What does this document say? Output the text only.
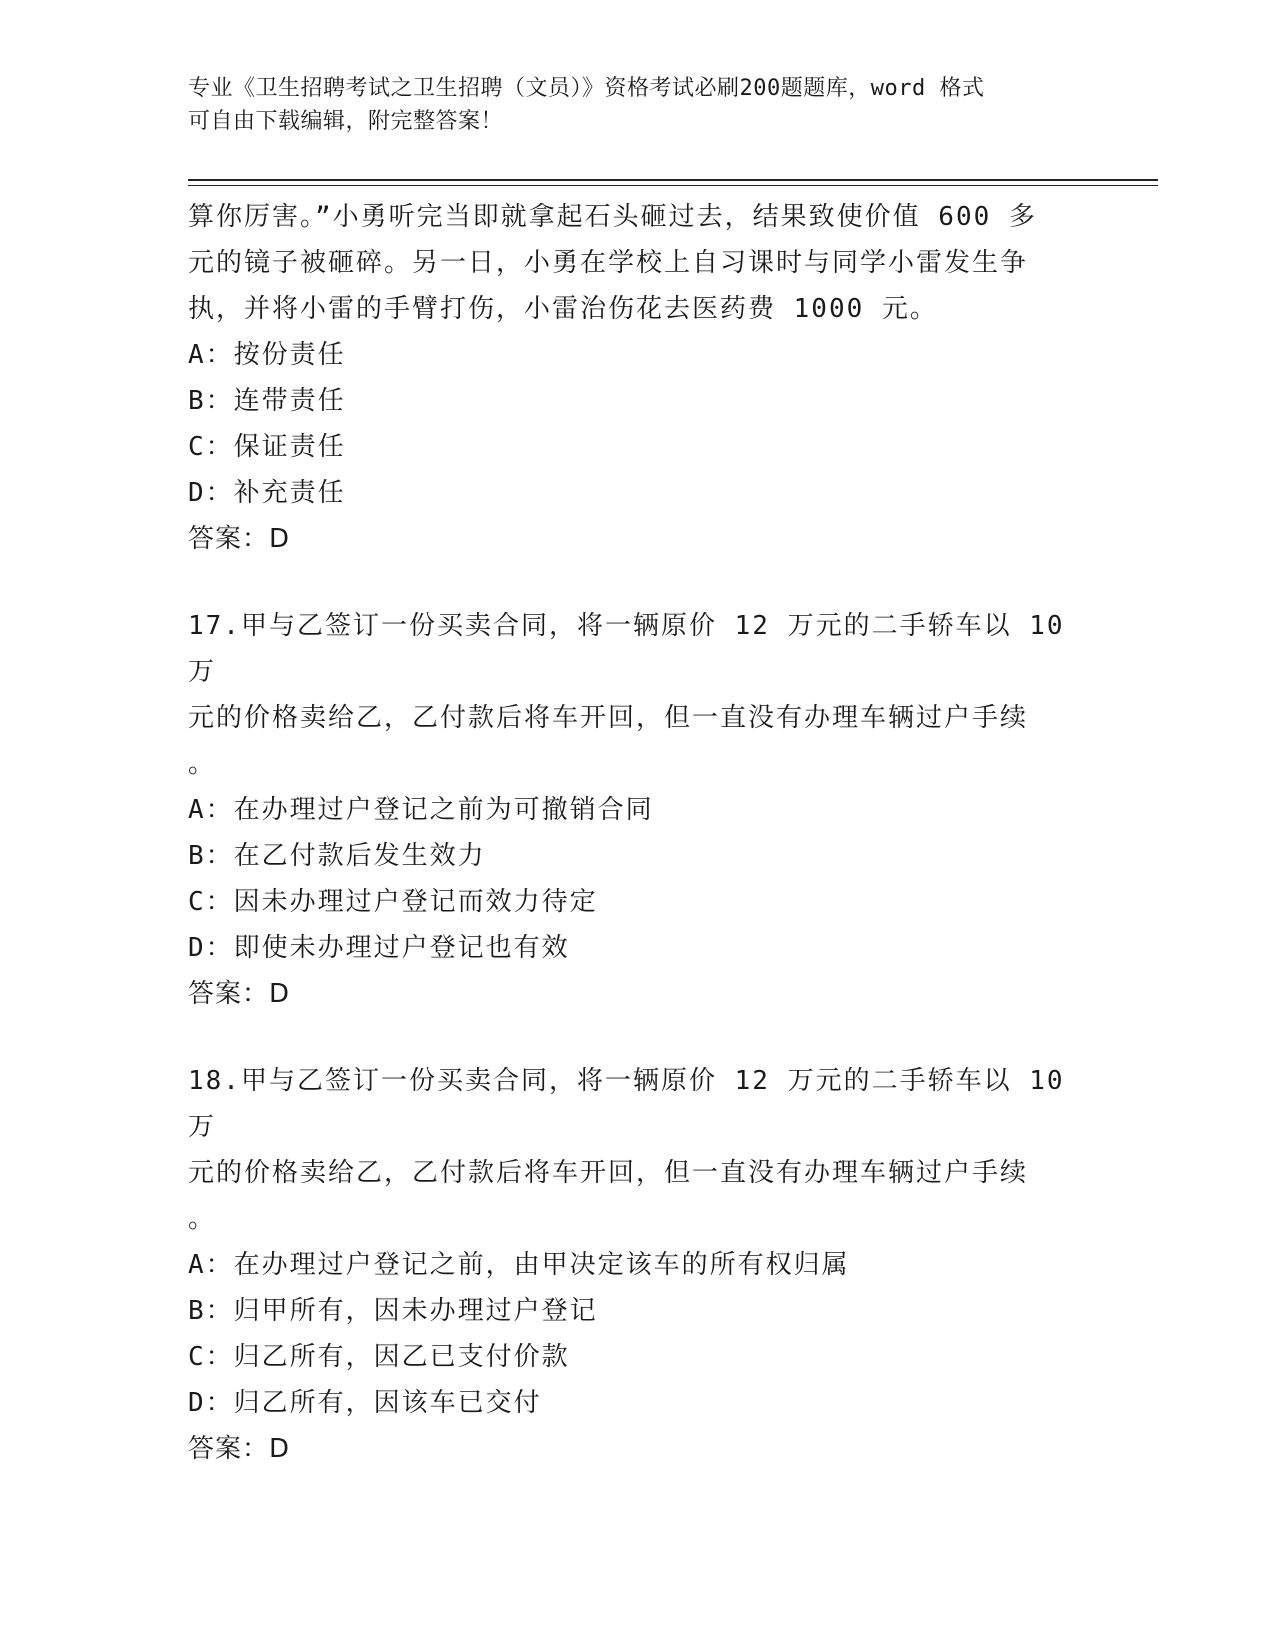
专业《卫生招聘考试之卫生招聘（文员）》资格考试必刷200题题库，word 格式
可自由下载编辑，附完整答案！
算你厉害。”小勇听完当即就拿起石头砸过去，结果致使价值 600 多
元的镜子被砸碎。另一日，小勇在学校上自习课时与同学小雷发生争
执，并将小雷的手臂打伤，小雷治伤花去医药费 1000 元。
A：按份责任
B：连带责任
C：保证责任
D：补充责任
答案：D
17.甲与乙签订一份买卖合同，将一辆原价 12 万元的二手轿车以 10 万
元的价格卖给乙，乙付款后将车开回，但一直没有办理车辆过户手续
。
A：在办理过户登记之前为可撤销合同
B：在乙付款后发生效力
C：因未办理过户登记而效力待定
D：即使未办理过户登记也有效
答案：D
18.甲与乙签订一份买卖合同，将一辆原价 12 万元的二手轿车以 10 万
元的价格卖给乙，乙付款后将车开回，但一直没有办理车辆过户手续
。
A：在办理过户登记之前，由甲决定该车的所有权归属
B：归甲所有，因未办理过户登记
C：归乙所有，因乙已支付价款
D：归乙所有，因该车已交付
答案：D
